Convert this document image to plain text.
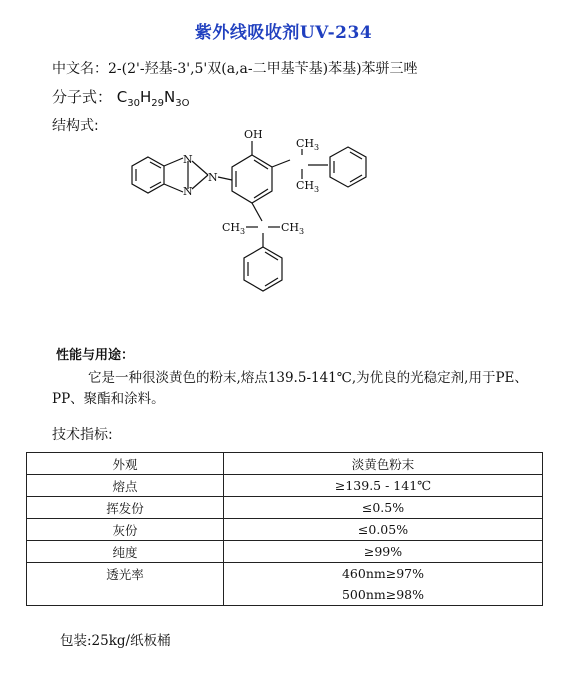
紫外线吸收剂UV-234
中文名：2-(2'-羟基-3',5'双(a,a-二甲基苄基)苯基)苯骈三唑
分子式： $C_{30}H_{29}N_{3O}$
结构式:
N
N
N
OH
$CH_3$
$CH_3$
$CH_3$	$CH_3$
性能与用途：
它是一种很淡黄色的粉末,熔点139.5-141℃,为优良的光稳定剂,用于PE、PP、聚酯和涂料。
技术指标:
外观	淡黄色粉末
熔点	≥139.5 - 141℃
挥发份	≤0.5%
灰份	≤0.05%
纯度	≥99%
透光率	460nm≥97%
500nm≥98%
包装:25kg/纸板桶
